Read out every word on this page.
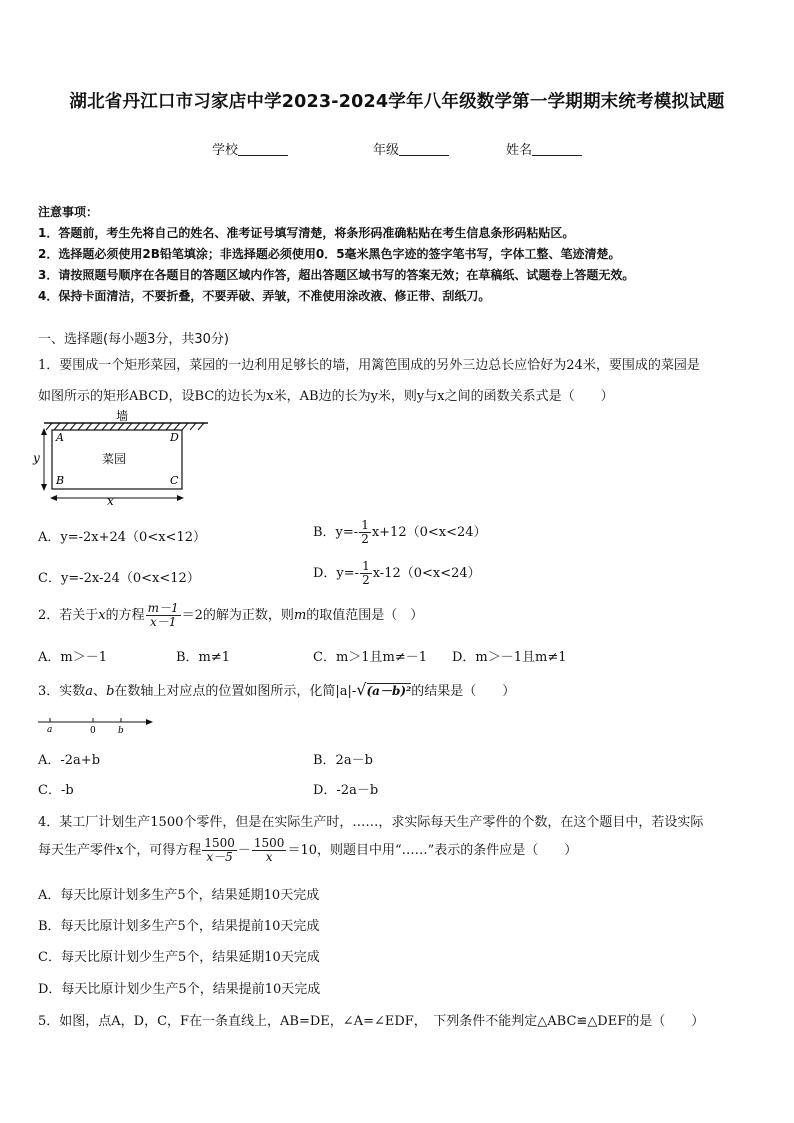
湖北省丹江口市习家店中学2023-2024学年八年级数学第一学期期末统考模拟试题
学校	年级	姓名
注意事项：
1．答题前，考生先将自己的姓名、准考证号填写清楚，将条形码准确粘贴在考生信息条形码粘贴区。
2．选择题必须使用2B铅笔填涂；非选择题必须使用0．5毫米黑色字迹的签字笔书写，字体工整、笔迹清楚。
3．请按照题号顺序在各题目的答题区域内作答，超出答题区域书写的答案无效；在草稿纸、试题卷上答题无效。
4．保持卡面清洁，不要折叠，不要弄破、弄皱，不准使用涂改液、修正带、刮纸刀。
一、选择题(每小题3分，共30分)
1．要围成一个矩形菜园，菜园的一边利用足够长的墙，用篱笆围成的另外三边总长应恰好为24米，要围成的菜园是
如图所示的矩形ABCD，设BC的边长为x米，AB边的长为y米，则y与x之间的函数关系式是（　　）
墙
菜园
A	D
B	C
x
y
A．y=-2x+24（0<x<12）	B．$y=- \frac{1}{2} x+12(0<x<24)$
C．y=-2x-24（0<x<12）	D．$y=- \frac{1}{2} x-12(0<x<24)$
2．若关于x的方程 $\frac{m-1}{x-1} =2$的解为正数，则m的取值范围是（　）
A．m＞－1	B．m≠1	C．m＞1且m≠－1 D．m＞－1且m≠1
3．实数a、b在数轴上对应点的位置如图所示，化简|a|-√(a－b)²的结果是（　　）
a	0 b
A．-2a+b	B．2a－b
C．-b	D．-2a－b
4．某工厂计划生产1500个零件，但是在实际生产时，……，求实际每天生产零件的个数，在这个题目中，若设实际
每天生产零件x个，可得方程 $\frac{1500}{x-5} - \frac{1500}{x} =10$，则题目中用“……”表示的条件应是（　　）
A．每天比原计划多生产5个，结果延期10天完成
B．每天比原计划多生产5个，结果提前10天完成
C．每天比原计划少生产5个，结果延期10天完成
D．每天比原计划少生产5个，结果提前10天完成
5．如图，点A，D，C，F在一条直线上，AB=DE，∠A=∠EDF，　下列条件不能判定△ABC≌△DEF的是（　　）
